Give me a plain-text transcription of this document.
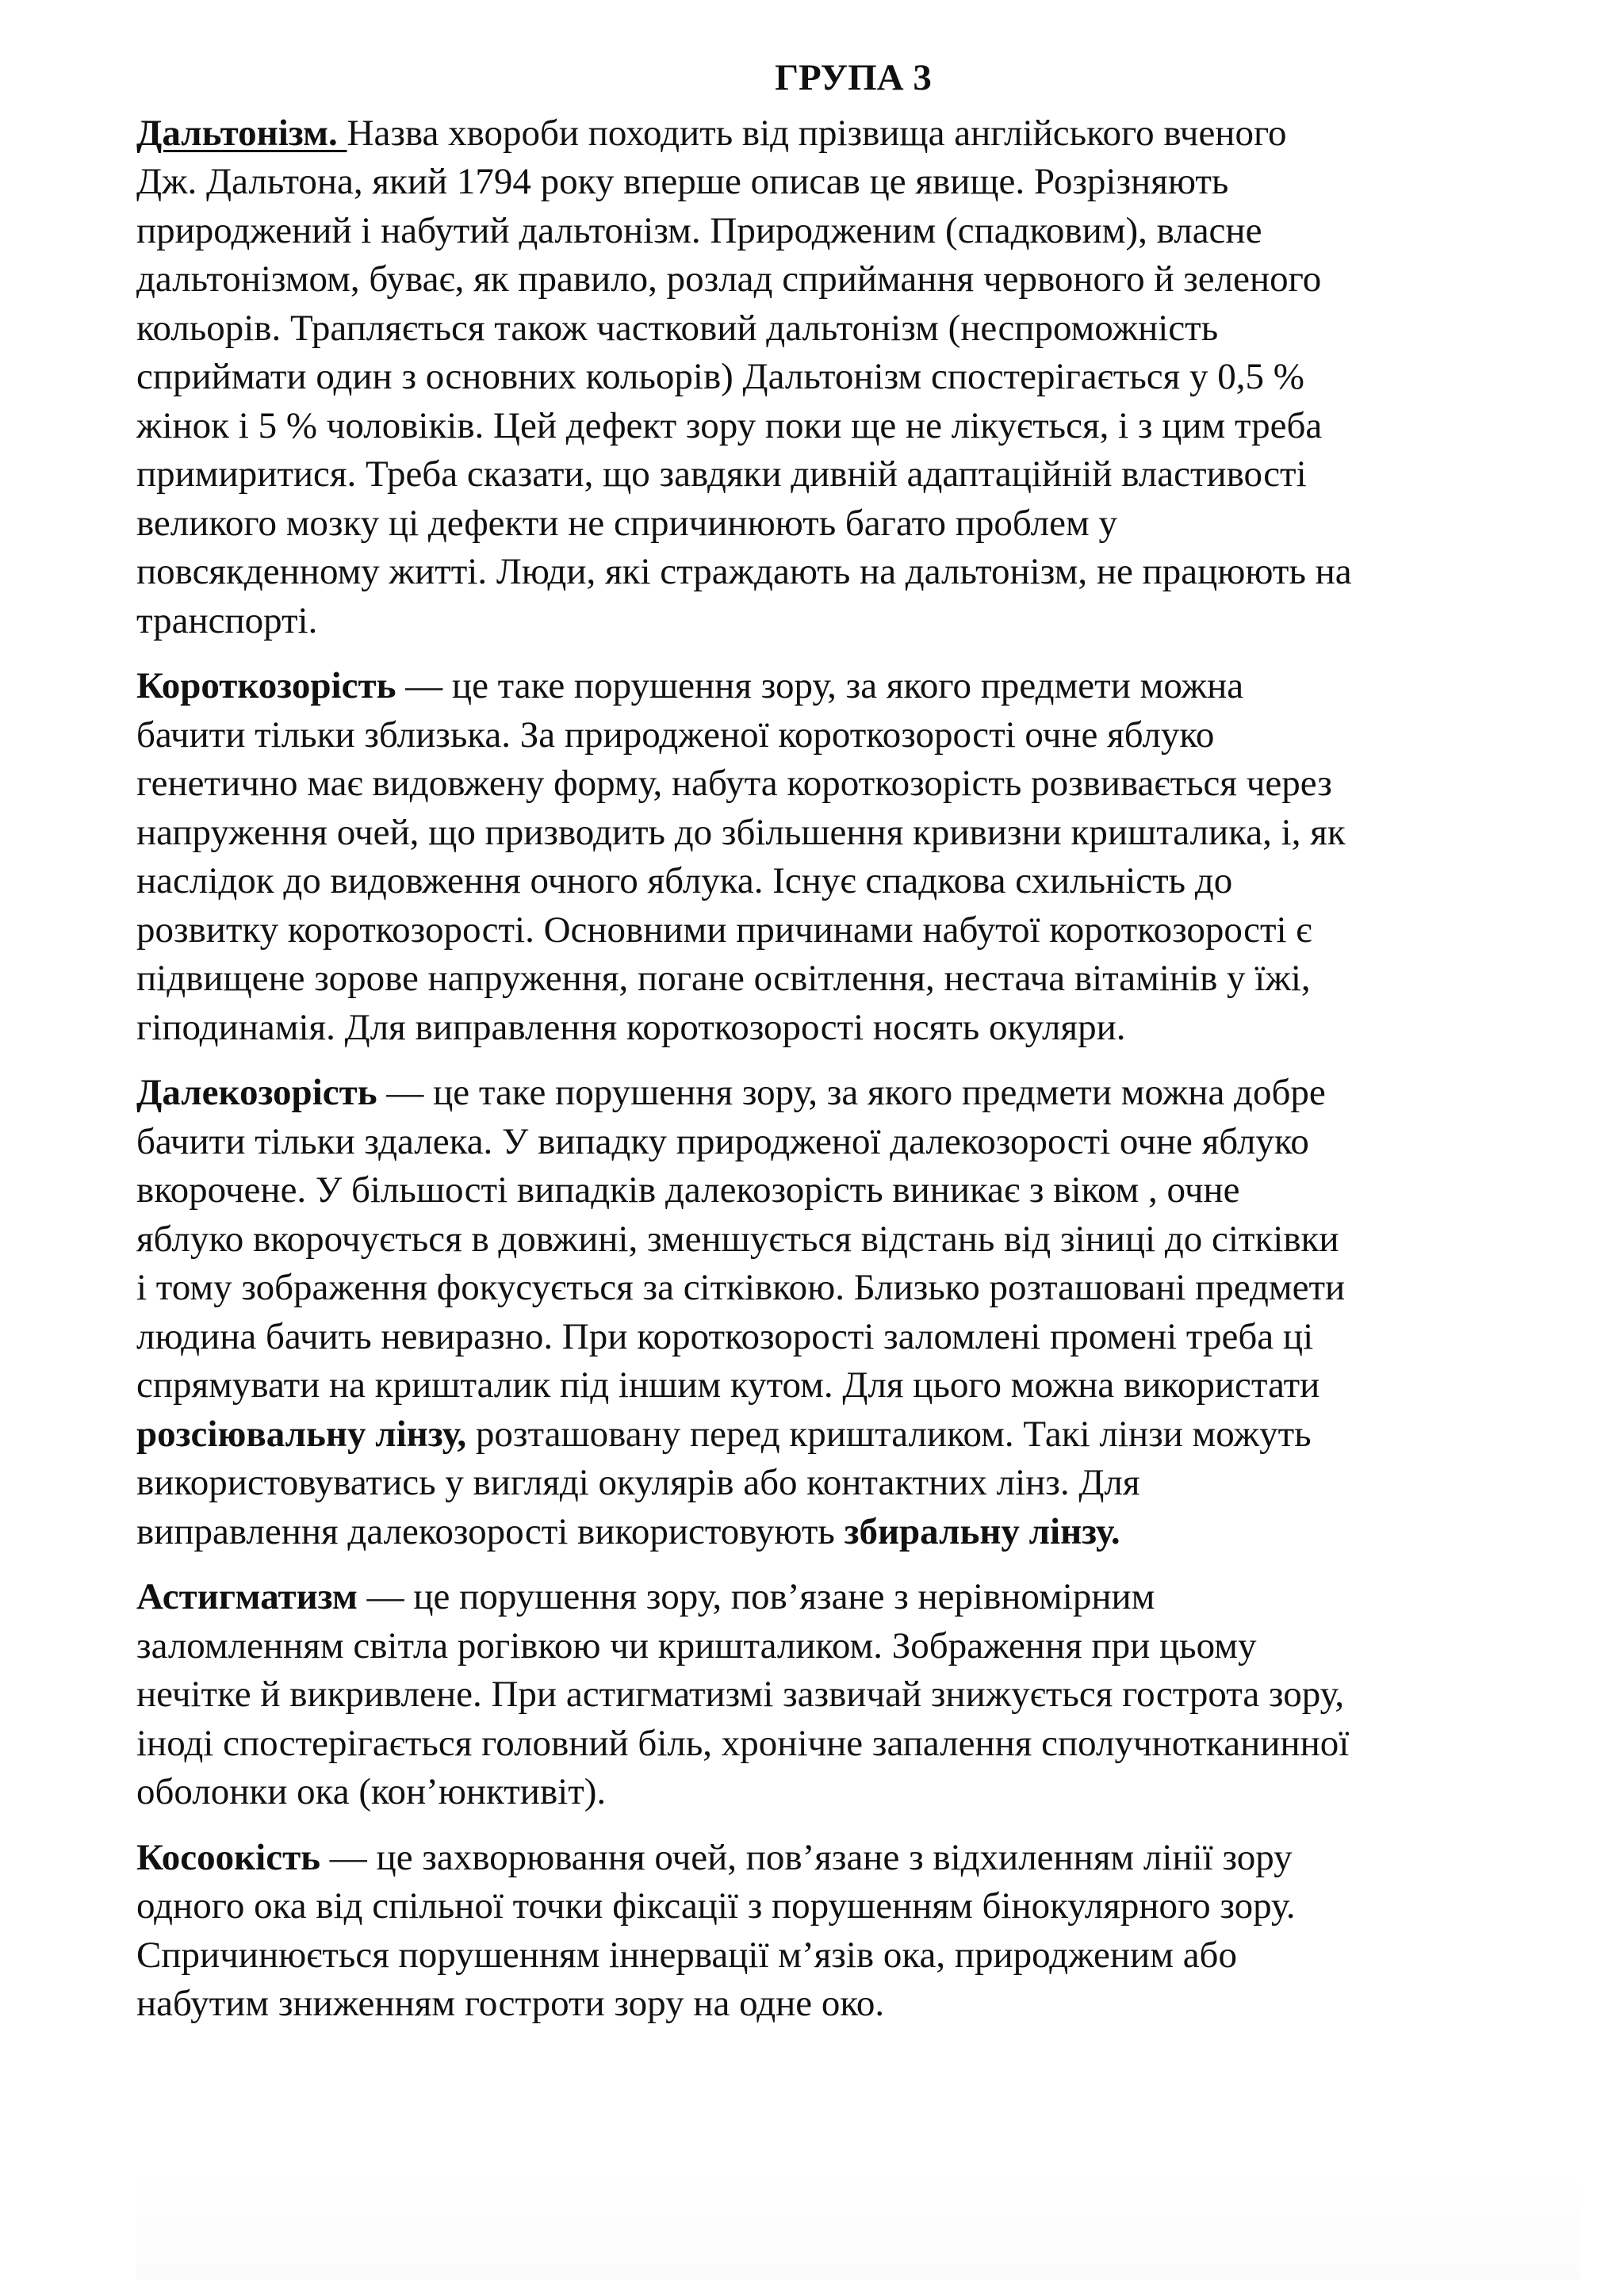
ГРУПА 3
Дальтонізм. Назва хвороби походить від прізвища англійського вченого
Дж. Дальтона, який 1794 року вперше описав це явище. Розрізняють
природжений і набутий дальтонізм. Природженим (спадковим), власне
дальтонізмом, буває, як правило, розлад сприймання червоного й зеленого
кольорів. Трапляється також частковий дальтонізм (неспроможність
сприймати один з основних кольорів) Дальтонізм спостерігається у 0,5 %
жінок і 5 % чоловіків. Цей дефект зору поки ще не лікується, і з цим треба
примиритися. Треба сказати, що завдяки дивній адаптаційній властивості
великого мозку ці дефекти не спричинюють багато проблем у
повсякденному житті. Люди, які страждають на дальтонізм, не працюють на
транспорті.
Короткозорість — це таке порушення зору, за якого предмети можна
бачити тільки зблизька. За природженої короткозорості очне яблуко
генетично має видовжену форму, набута короткозорість розвивається через
напруження очей, що призводить до збільшення кривизни кришталика, і, як
наслідок до видовження очного яблука. Існує спадкова схильність до
розвитку короткозорості. Основними причинами набутої короткозорості є
підвищене зорове напруження, погане освітлення, нестача вітамінів у їжі,
гіподинамія. Для виправлення короткозорості носять окуляри.
Далекозорість — це таке порушення зору, за якого предмети можна добре
бачити тільки здалека. У випадку природженої далекозорості очне яблуко
вкорочене. У більшості випадків далекозорість виникає з віком , очне
яблуко вкорочується в довжині, зменшується відстань від зіниці до сітківки
і тому зображення фокусується за сітківкою. Близько розташовані предмети
людина бачить невиразно. При короткозорості заломлені промені треба ці
спрямувати на кришталик під іншим кутом. Для цього можна використати
розсіювальну лінзу, розташовану перед кришталиком. Такі лінзи можуть
використовуватись у вигляді окулярів або контактних лінз. Для
виправлення далекозорості використовують збиральну лінзу.
Астигматизм — це порушення зору, пов’язане з нерівномірним
заломленням світла рогівкою чи кришталиком. Зображення при цьому
нечітке й викривлене. При астигматизмі зазвичай знижується гострота зору,
іноді спостерігається головний біль, хронічне запалення сполучнотканинної
оболонки ока (кон’юнктивіт).
Косоокість — це захворювання очей, пов’язане з відхиленням лінії зору
одного ока від спільної точки фіксації з порушенням бінокулярного зору.
Спричинюється порушенням іннервації м’язів ока, природженим або
набутим зниженням гостроти зору на одне око.
